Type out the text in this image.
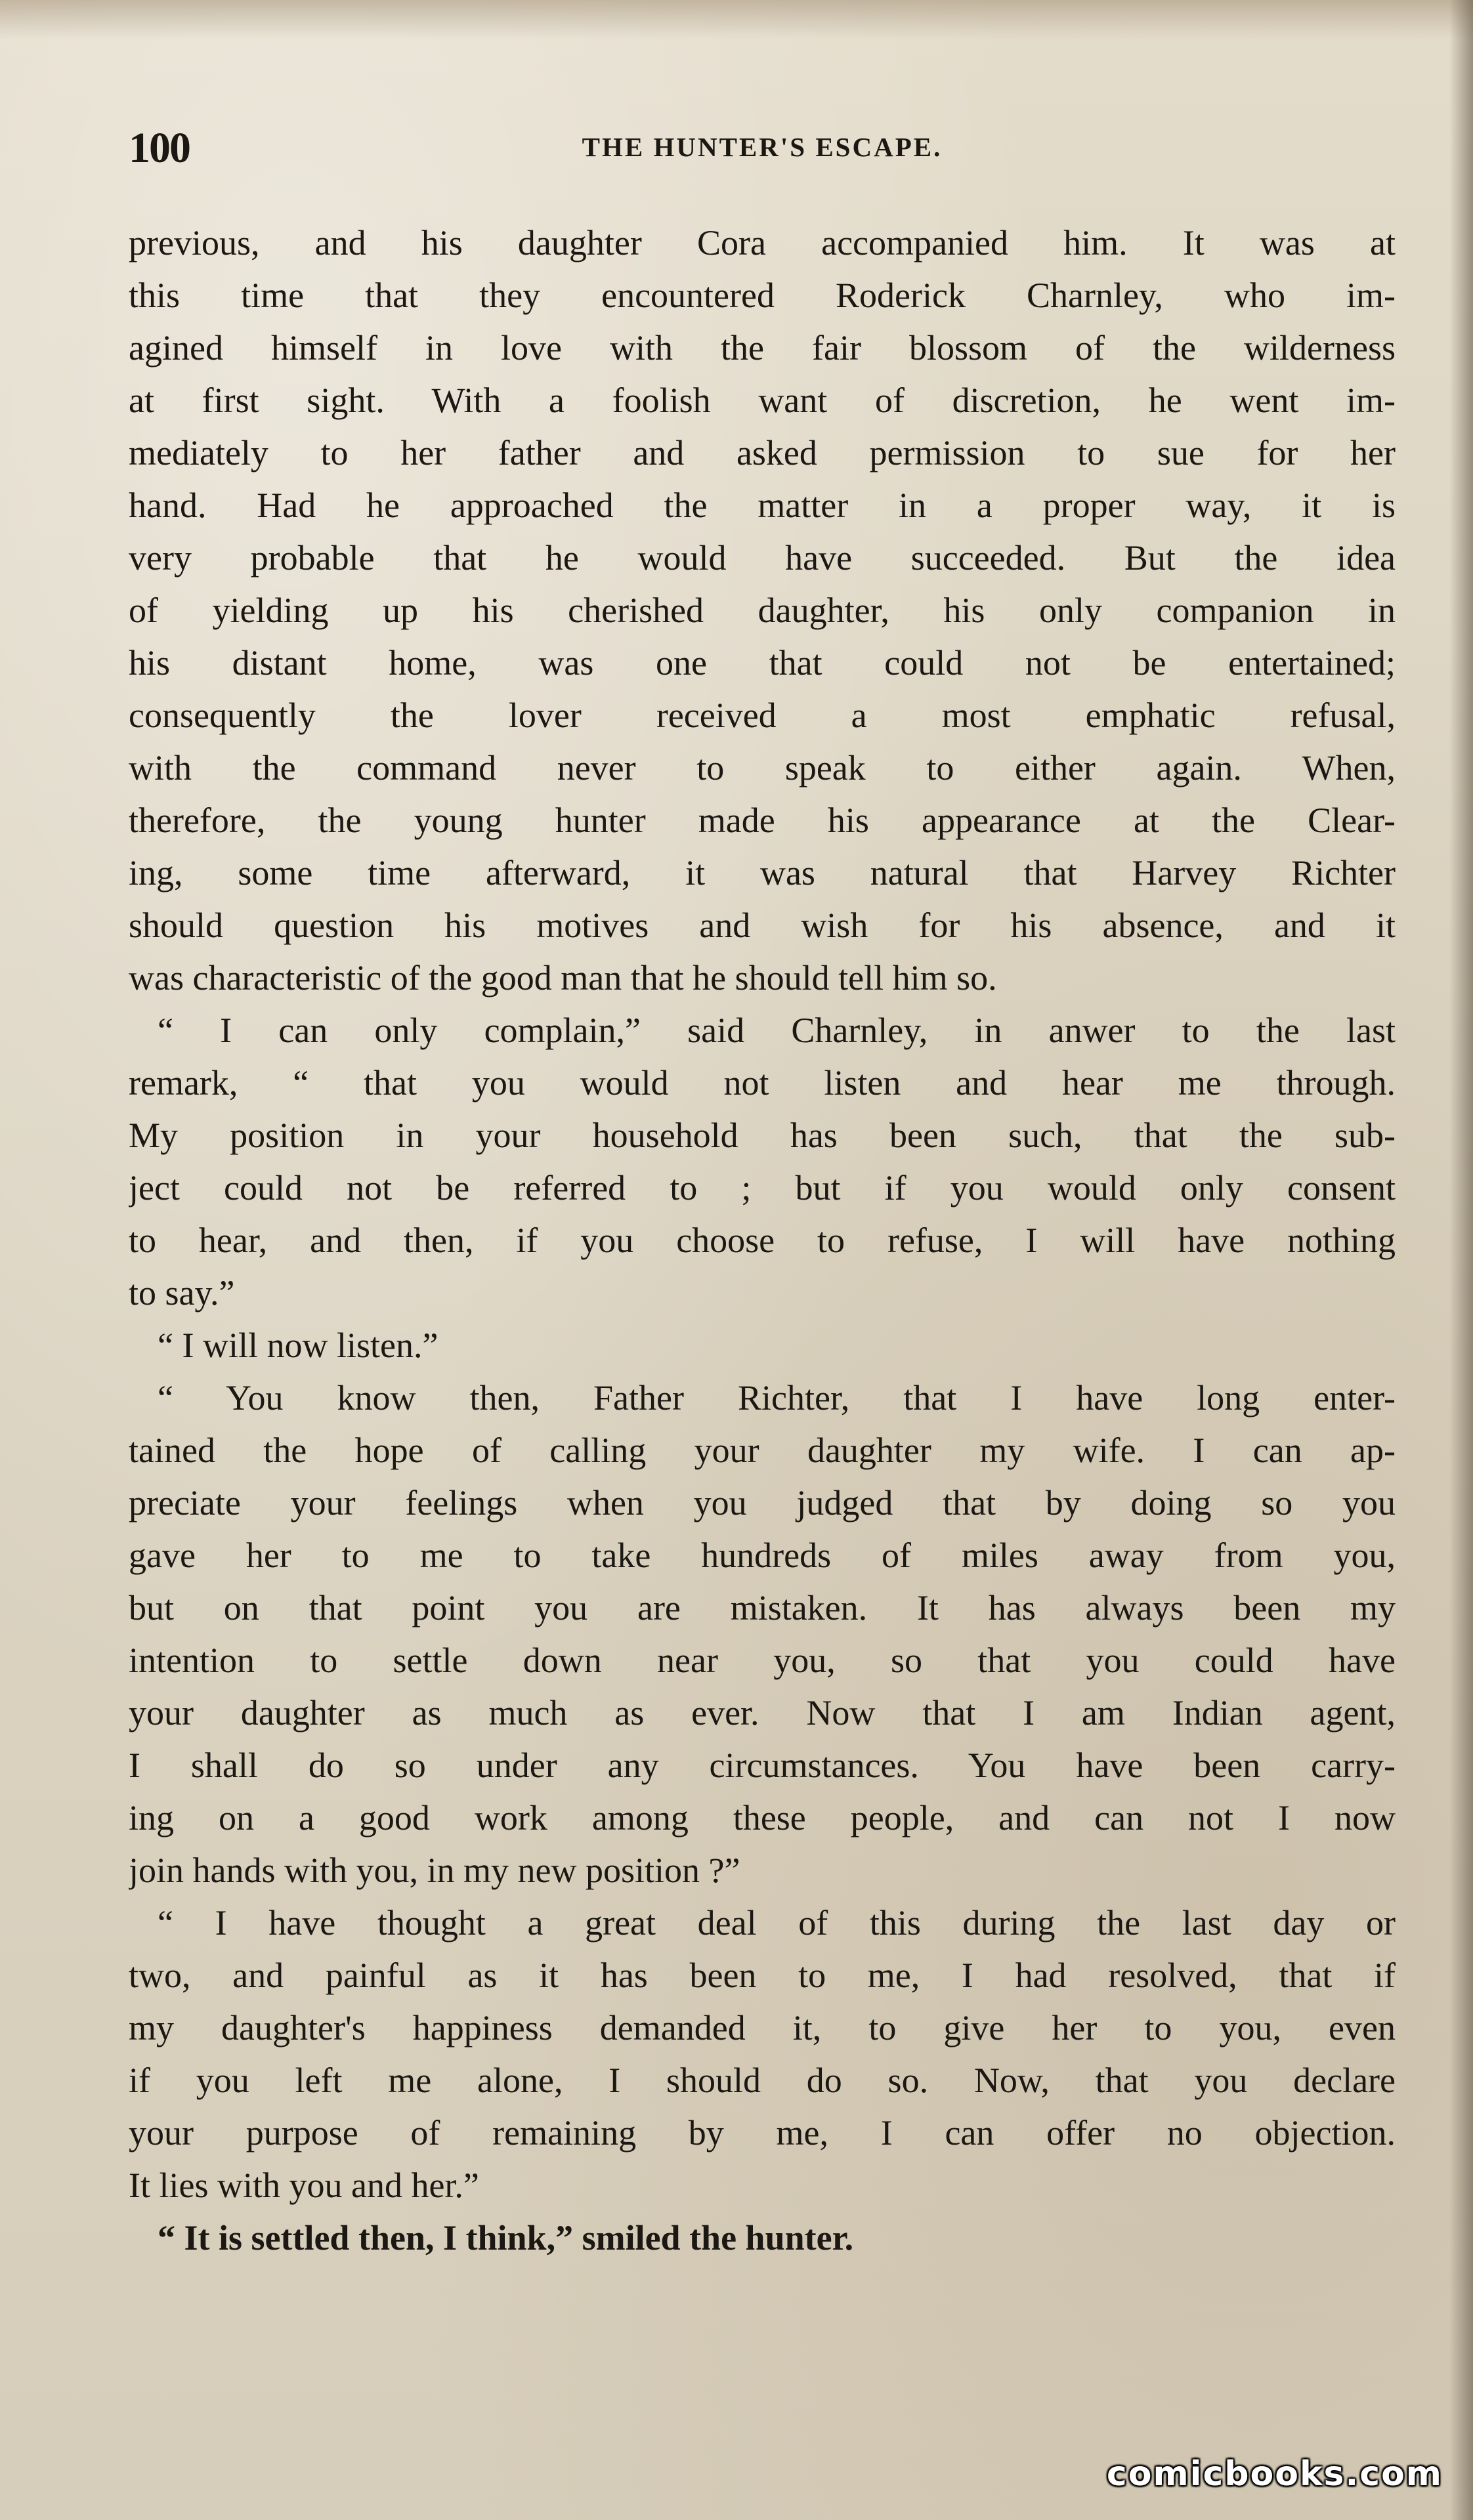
100	THE HUNTER'S ESCAPE.
previous, and his daughter Cora accompanied him. It was at
this time that they encountered Roderick Charnley, who im-
agined himself in love with the fair blossom of the wilderness
at first sight. With a foolish want of discretion, he went im-
mediately to her father and asked permission to sue for her
hand. Had he approached the matter in a proper way, it is
very probable that he would have succeeded. But the idea
of yielding up his cherished daughter, his only companion in
his distant home, was one that could not be entertained;
consequently the lover received a most emphatic refusal,
with the command never to speak to either again. When,
therefore, the young hunter made his appearance at the Clear-
ing, some time afterward, it was natural that Harvey Richter
should question his motives and wish for his absence, and it
was characteristic of the good man that he should tell him so.
“ I can only complain,” said Charnley, in anwer to the last
remark, “ that you would not listen and hear me through.
My position in your household has been such, that the sub-
ject could not be referred to ; but if you would only consent
to hear, and then, if you choose to refuse, I will have nothing
to say.”
“ I will now listen.”
“ You know then, Father Richter, that I have long enter-
tained the hope of calling your daughter my wife. I can ap-
preciate your feelings when you judged that by doing so you
gave her to me to take hundreds of miles away from you,
but on that point you are mistaken. It has always been my
intention to settle down near you, so that you could have
your daughter as much as ever. Now that I am Indian agent,
I shall do so under any circumstances. You have been carry-
ing on a good work among these people, and can not I now
join hands with you, in my new position ?”
“ I have thought a great deal of this during the last day or
two, and painful as it has been to me, I had resolved, that if
my daughter's happiness demanded it, to give her to you, even
if you left me alone, I should do so. Now, that you declare
your purpose of remaining by me, I can offer no objection.
It lies with you and her.”
“ It is settled then, I think,” smiled the hunter.
comicbooks.com
